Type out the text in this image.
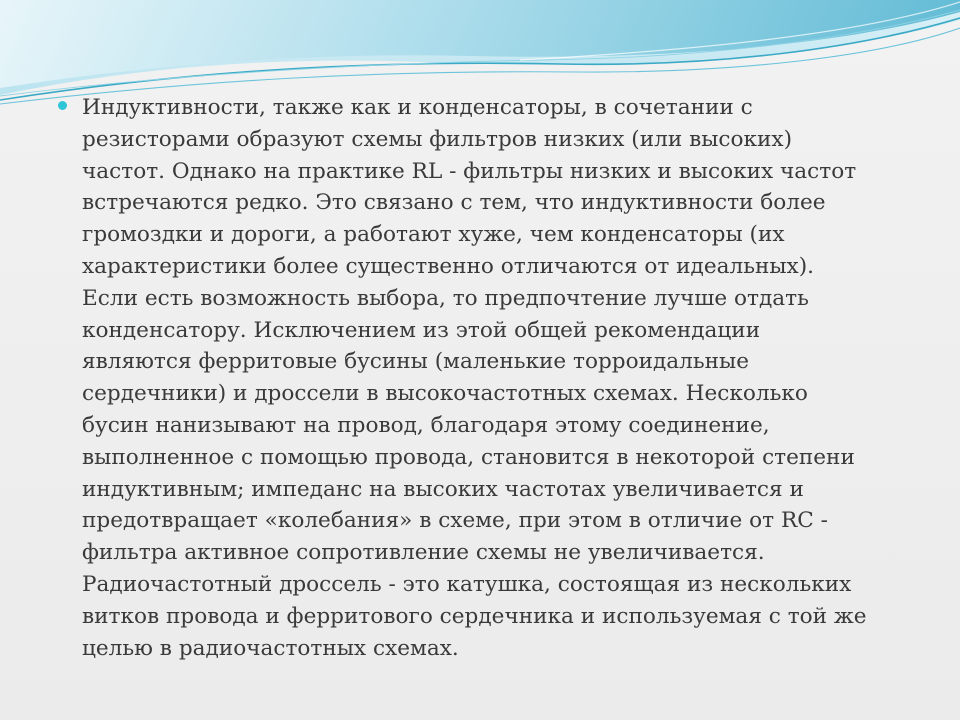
Индуктивности, также как и конденсаторы, в сочетании с
резисторами образуют схемы фильтров низких (или высоких)
частот. Однако на практике RL - фильтры низких и высоких частот
встречаются редко. Это связано с тем, что индуктивности более
громоздки и дороги, а работают хуже, чем конденсаторы (их
характеристики более существенно отличаются от идеальных).
Если есть возможность выбора, то предпочтение лучше отдать
конденсатору. Исключением из этой общей рекомендации
являются ферритовые бусины (маленькие торроидальные
сердечники) и дроссели в высокочастотных схемах. Несколько
бусин нанизывают на провод, благодаря этому соединение,
выполненное с помощью провода, становится в некоторой степени
индуктивным; импеданс на высоких частотах увеличивается и
предотвращает «колебания» в схеме, при этом в отличие от RC -
фильтра активное сопротивление схемы не увеличивается.
Радиочастотный дроссель - это катушка, состоящая из нескольких
витков провода и ферритового сердечника и используемая с той же
целью в радиочастотных схемах.
